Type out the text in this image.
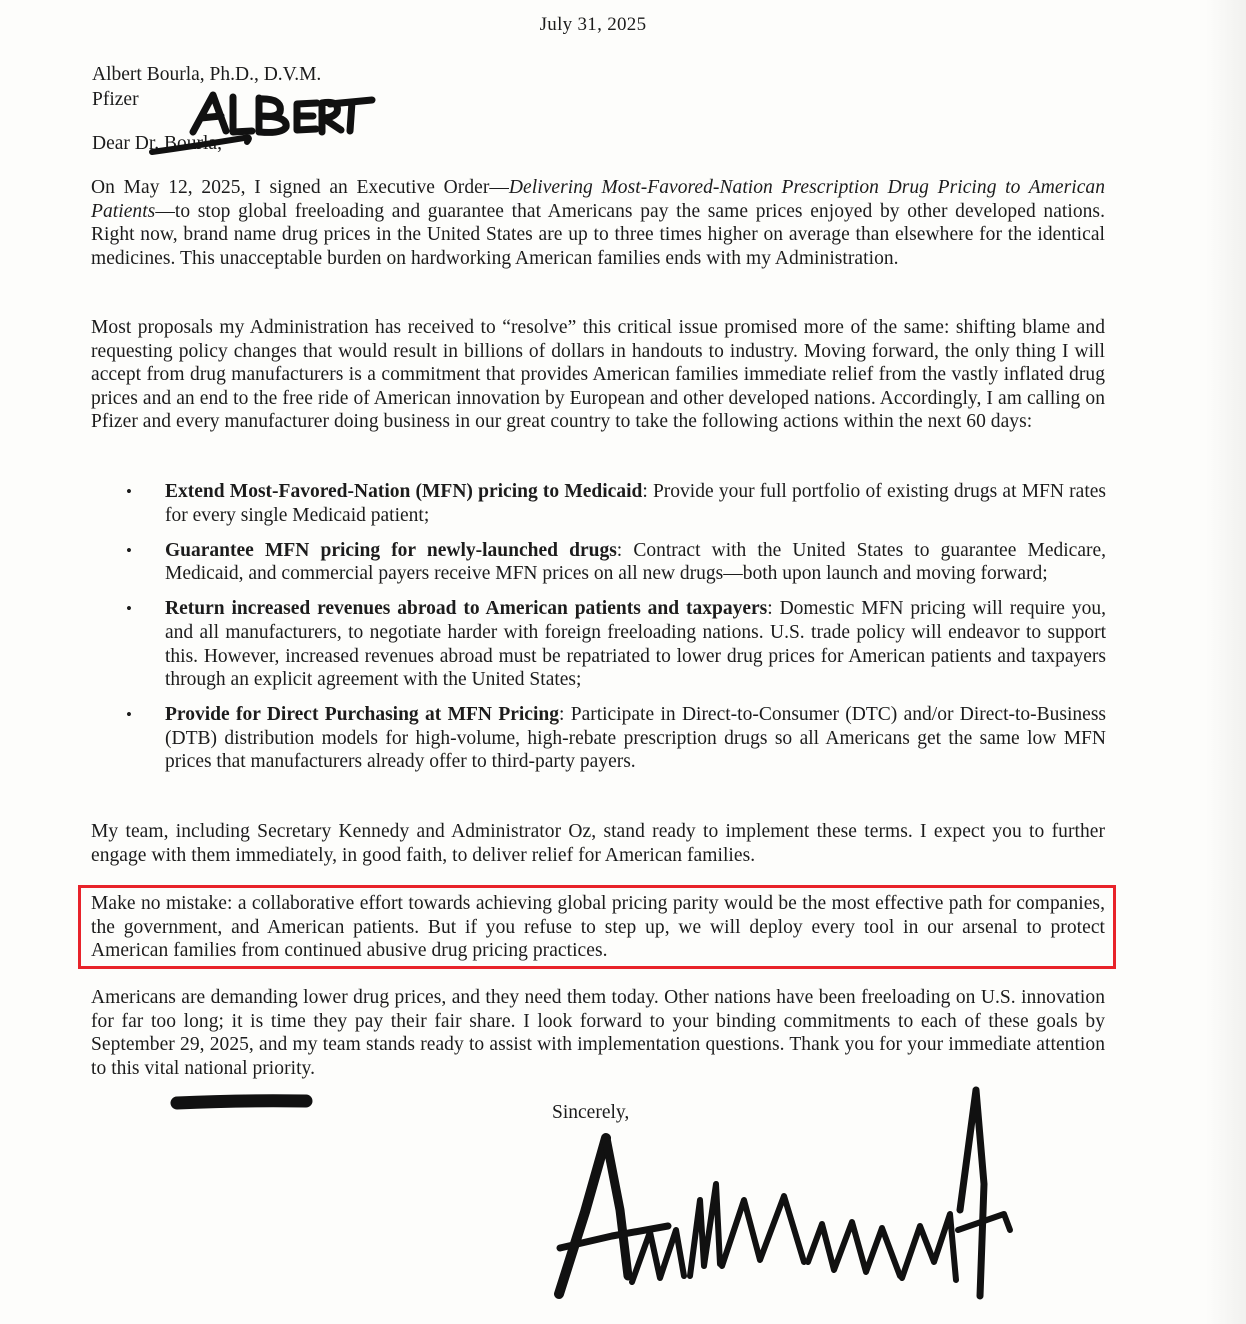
July 31, 2025
Albert Bourla, Ph.D., D.V.M.
Pfizer
Dear Dr. Bourla,

On May 12, 2025, I signed an Executive Order—Delivering Most-Favored-Nation Prescription Drug Pricing to American Patients—to stop global freeloading and guarantee that Americans pay the same prices enjoyed by other developed nations. Right now, brand name drug prices in the United States are up to three times higher on average than elsewhere for the identical medicines. This unacceptable burden on hardworking American families ends with my Administration.

Most proposals my Administration has received to “resolve” this critical issue promised more of the same: shifting blame and requesting policy changes that would result in billions of dollars in handouts to industry. Moving forward, the only thing I will accept from drug manufacturers is a commitment that provides American families immediate relief from the vastly inflated drug prices and an end to the free ride of American innovation by European and other developed nations. Accordingly, I am calling on Pfizer and every manufacturer doing business in our great country to take the following actions within the next 60 days:

• Extend Most-Favored-Nation (MFN) pricing to Medicaid: Provide your full portfolio of existing drugs at MFN rates for every single Medicaid patient;
• Guarantee MFN pricing for newly-launched drugs: Contract with the United States to guarantee Medicare, Medicaid, and commercial payers receive MFN prices on all new drugs—both upon launch and moving forward;
• Return increased revenues abroad to American patients and taxpayers: Domestic MFN pricing will require you, and all manufacturers, to negotiate harder with foreign freeloading nations. U.S. trade policy will endeavor to support this. However, increased revenues abroad must be repatriated to lower drug prices for American patients and taxpayers through an explicit agreement with the United States;
• Provide for Direct Purchasing at MFN Pricing: Participate in Direct-to-Consumer (DTC) and/or Direct-to-Business (DTB) distribution models for high-volume, high-rebate prescription drugs so all Americans get the same low MFN prices that manufacturers already offer to third-party payers.

My team, including Secretary Kennedy and Administrator Oz, stand ready to implement these terms. I expect you to further engage with them immediately, in good faith, to deliver relief for American families.

Make no mistake: a collaborative effort towards achieving global pricing parity would be the most effective path for companies, the government, and American patients. But if you refuse to step up, we will deploy every tool in our arsenal to protect American families from continued abusive drug pricing practices.

Americans are demanding lower drug prices, and they need them today. Other nations have been freeloading on U.S. innovation for far too long; it is time they pay their fair share. I look forward to your binding commitments to each of these goals by September 29, 2025, and my team stands ready to assist with implementation questions. Thank you for your immediate attention to this vital national priority.

Sincerely,
